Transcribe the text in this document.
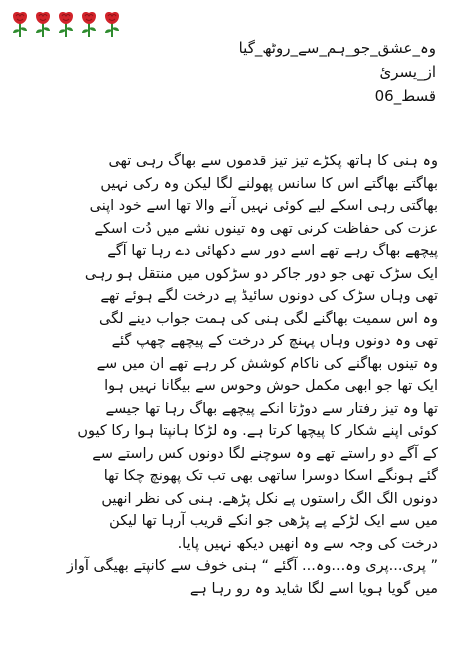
وہ_عشق_جو_ہم_سے_روٹھ_گیا
از_یسرئ
قسط_06
وہ ہنی کا ہاتھ پکڑے تیز تیز قدموں سے بھاگ رہی تھی
بھاگتے بھاگتے اس کا سانس پھولنے لگا لیکن وہ رکی نہیں
بھاگتی رہی اسکے لیے کوئی نہیں آنے والا تھا اسے خود اپنی
عزت کی حفاظت کرنی تھی وہ تینوں نشے میں دُت اسکے
پیچھے بھاگ رہے تھے اسے دور سے دکھائی دے رہا تھا آگے
ایک سڑک تھی جو دور جاکر دو سڑکوں میں منتقل ہو رہی
تھی وہاں سڑک کی دونوں سائیڈ پے درخت لگے ہوئے تھے
وہ اس سمیت بھاگنے لگی ہنی کی ہمت جواب دینے لگی
تھی وہ دونوں وہاں پہنچ کر درخت کے پیچھے چھپ گئے
وہ تینوں بھاگنے کی ناکام کوشش کر رہے تھے ان میں سے
ایک تھا جو ابھی مکمل حوش وحوس سے بیگانا نہیں ہوا
تھا وہ تیز رفتار سے دوڑتا انکے پیچھے بھاگ رہا تھا جیسے
کوئی اپنے شکار کا پیچھا کرتا ہے. وہ لڑکا ہانپتا ہوا رکا کیوں
کے آگے دو راستے تھے وہ سوچنے لگا دونوں کس راستے سے
گئے ہونگے اسکا دوسرا ساتھی بھی تب تک پھونچ چکا تھا
دونوں الگ الگ راستوں پے نکل پڑھے. ہنی کی نظر انھیں
میں سے ایک لڑکے پے پڑھی جو انکے قریب آرہا تھا لیکن
درخت کی وجہ سے وہ انھیں دیکھ نہیں پایا.
” پری...پری وہ...وہ... آگئے “ ہنی خوف سے کانپتے بھیگی آواز
میں گویا ہویا اسے لگا شاید وہ رو رہا ہے
